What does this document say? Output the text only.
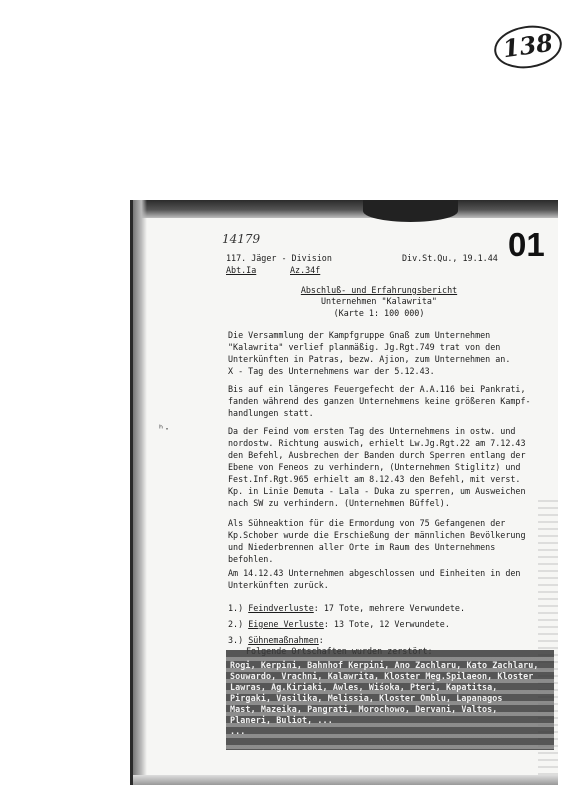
138
14179	01
117. Jäger - Division	Div.St.Qu., 19.1.44
Abt.Ia	Az.34f
Abschluß- und Erfahrungsbericht
Unternehmen "Kalawrita"
(Karte 1: 100 000)
Die Versammlung der Kampfgruppe Gnaß zum Unternehmen
"Kalawrita" verlief planmäßig. Jg.Rgt.749 trat von den
Unterkünften in Patras, bezw. Ajion, zum Unternehmen an.
X - Tag des Unternehmens war der 5.12.43.
Bis auf ein längeres Feuergefecht der A.A.116 bei Pankrati,
fanden während des ganzen Unternehmens keine größeren Kampf-
handlungen statt.
ʰ·	Da der Feind vom ersten Tag des Unternehmens in ostw. und
nordostw. Richtung auswich, erhielt Lw.Jg.Rgt.22 am 7.12.43
den Befehl, Ausbrechen der Banden durch Sperren entlang der
Ebene von Feneos zu verhindern, (Unternehmen Stiglitz) und
Fest.Inf.Rgt.965 erhielt am 8.12.43 den Befehl, mit verst.
Kp. in Linie Demuta - Lala - Duka zu sperren, um Ausweichen
nach SW zu verhindern. (Unternehmen Büffel).
Als Sühneaktion für die Ermordung von 75 Gefangenen der
Kp.Schober wurde die Erschießung der männlichen Bevölkerung
und Niederbrennen aller Orte im Raum des Unternehmens
befohlen.
Am 14.12.43 Unternehmen abgeschlossen und Einheiten in den
Unterkünften zurück.
1.) Feindverluste: 17 Tote, mehrere Verwundete.
2.) Eigene Verluste: 13 Tote, 12 Verwundete.
3.) Sühnemaßnahmen:
Rogi, Kerpini, Bahnhof Kerpini, Ano Zachlaru, Kato Zachlaru,
Souwardo, Vrachni, Kalawrita, Kloster Meg.Spilaeon, Kloster
Lawras, Ag.Kiriaki, Awles, Wiśoka, Pteri, Kapatitsa,
Pirgaki, Vasilika, Melissia, Kloster Omblu, Lapanagos
Mast, Mazeika, Pangrati, Morochowo, Dervani, Valtos,
Planeri, Buliot, ...
...
